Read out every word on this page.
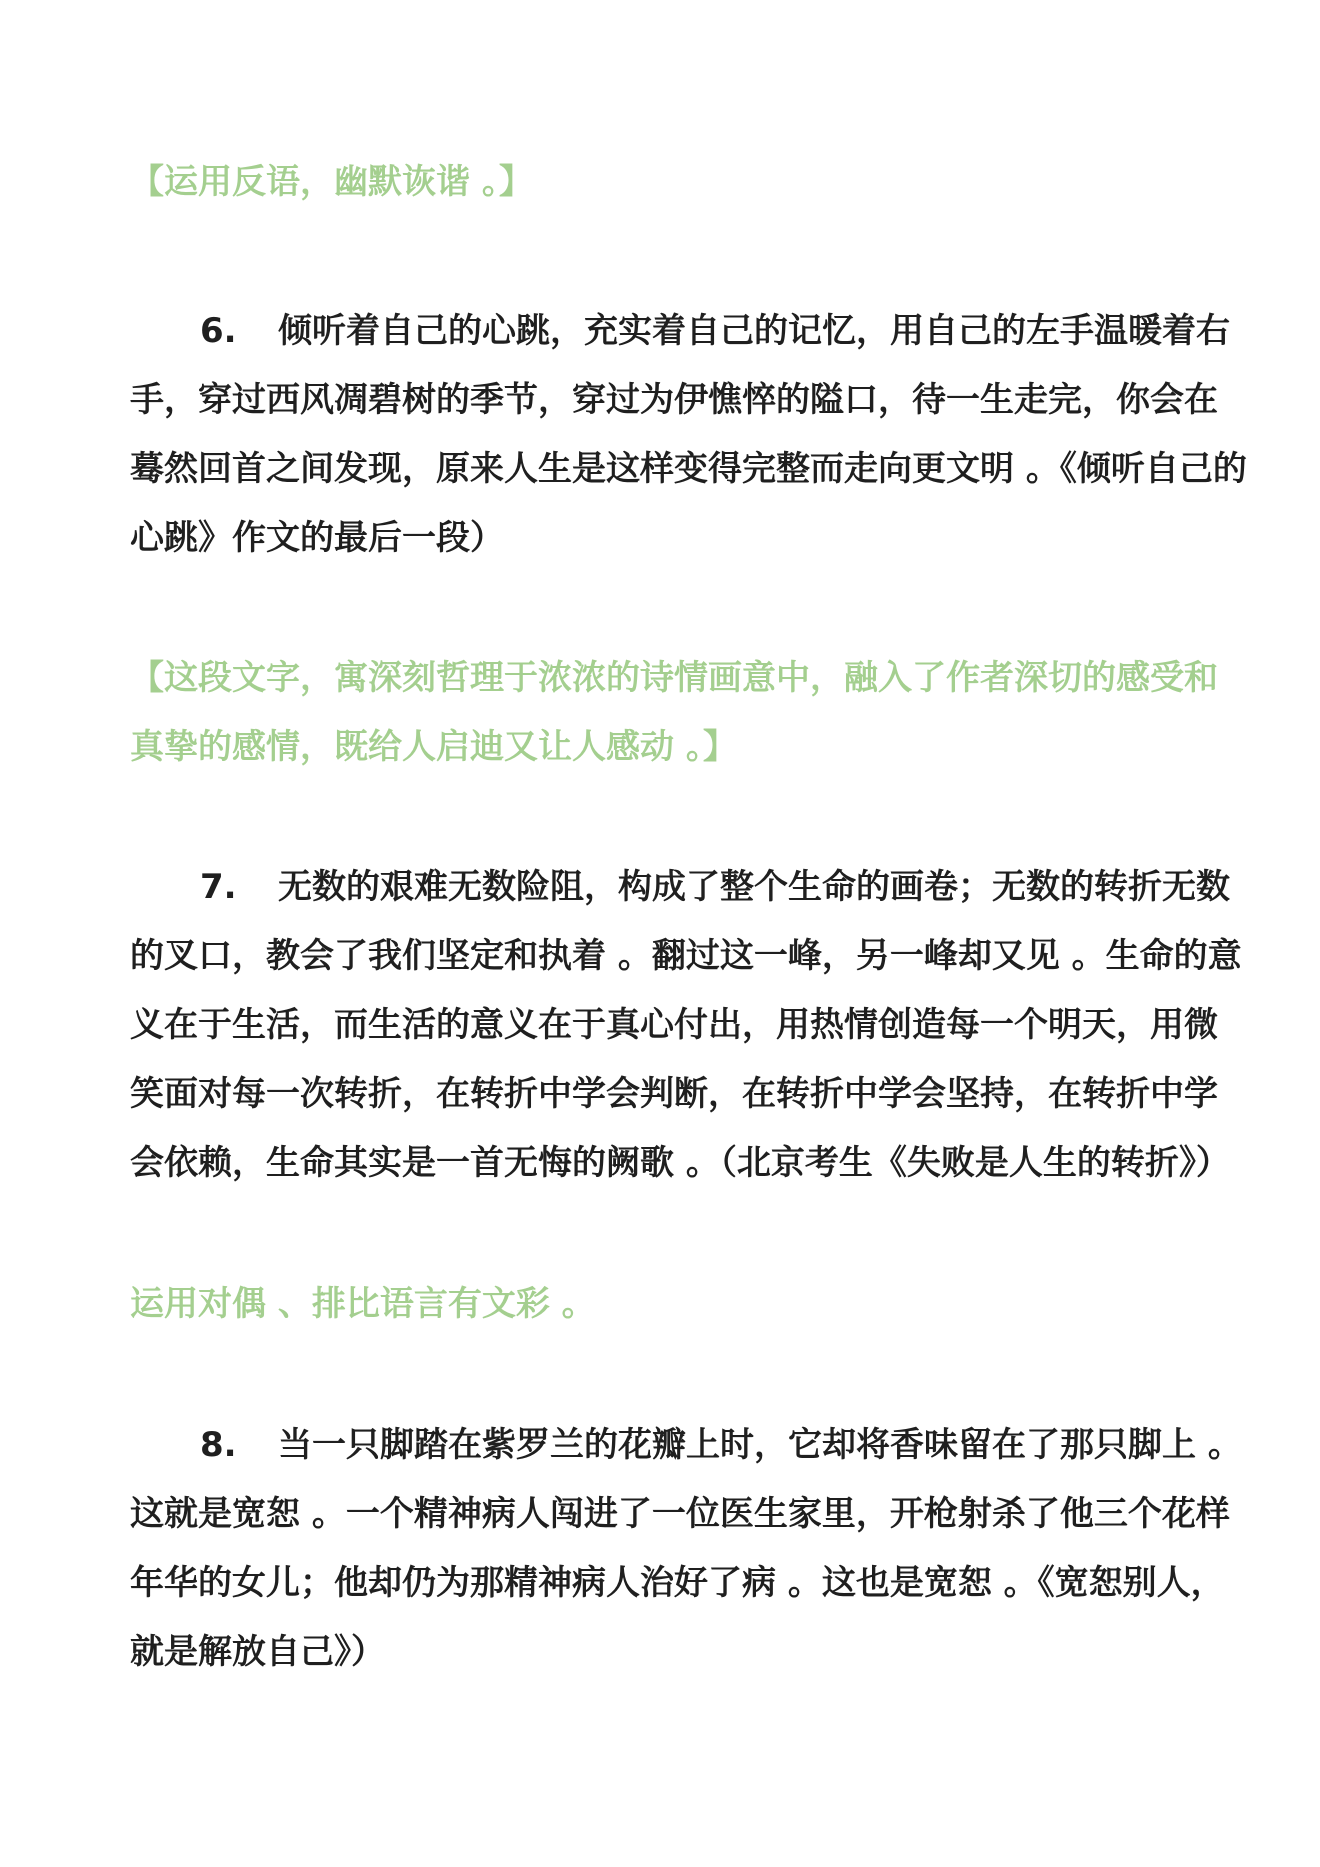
【运用反语，幽默诙谐 。】

6. 倾听着自己的心跳，充实着自己的记忆，用自己的左手温暖着右手，穿过西风凋碧树的季节，穿过为伊憔悴的隘口，待一生走完，你会在蓦然回首之间发现，原来人生是这样变得完整而走向更文明 。《倾听自己的心跳》作文的最后一段）

【这段文字，寓深刻哲理于浓浓的诗情画意中，融入了作者深切的感受和真挚的感情，既给人启迪又让人感动 。】

7. 无数的艰难无数险阻，构成了整个生命的画卷；无数的转折无数的叉口，教会了我们坚定和执着 。翻过这一峰，另一峰却又见 。生命的意义在于生活，而生活的意义在于真心付出，用热情创造每一个明天，用微笑面对每一次转折，在转折中学会判断，在转折中学会坚持，在转折中学会依赖，生命其实是一首无悔的阙歌 。（北京考生《失败是人生的转折》）

运用对偶 、排比语言有文彩 。

8. 当一只脚踏在紫罗兰的花瓣上时，它却将香味留在了那只脚上 。这就是宽恕 。一个精神病人闯进了一位医生家里，开枪射杀了他三个花样年华的女儿；他却仍为那精神病人治好了病 。这也是宽恕 。《宽恕别人，就是解放自己》）
